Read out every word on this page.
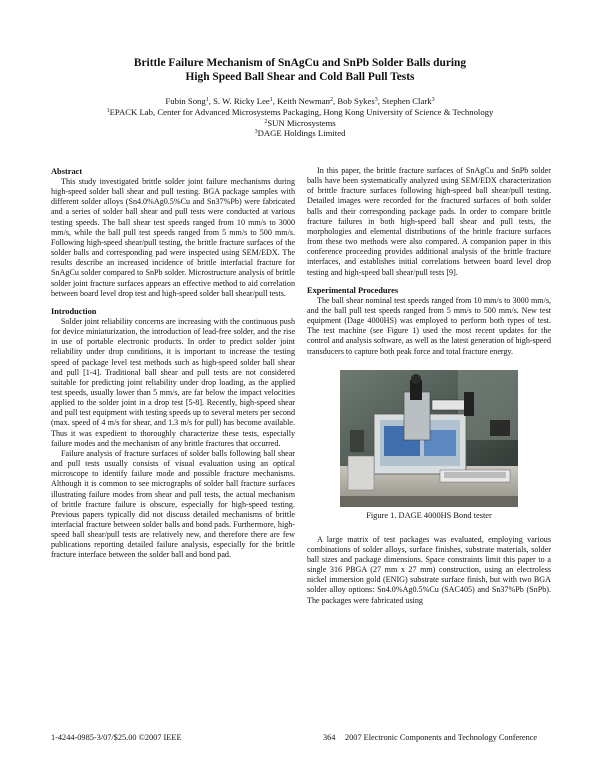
Brittle Failure Mechanism of SnAgCu and SnPb Solder Balls during
High Speed Ball Shear and Cold Ball Pull Tests
Fubin Song$^1$, S. W. Ricky Lee$^1$, Keith Newman$^2$, Bob Sykes$^3$, Stephen Clark$^3$
$^1$EPACK Lab, Center for Advanced Microsystems Packaging, Hong Kong University of Science & Technology
$^2$SUN Microsystems
$^3$DAGE Holdings Limited
Abstract

This study investigated brittle solder joint failure mechanisms during high-speed solder ball shear and pull testing. BGA package samples with different solder alloys (Sn4.0%Ag0.5%Cu and Sn37%Pb) were fabricated and a series of solder ball shear and pull tests were conducted at various testing speeds. The ball shear test speeds ranged from 10 mm/s to 3000 mm/s, while the ball pull test speeds ranged from 5 mm/s to 500 mm/s. Following high-speed shear/pull testing, the brittle fracture surfaces of the solder balls and corresponding pad were inspected using SEM/EDX. The results describe an increased incidence of brittle interfacial fracture for SnAgCu solder compared to SnPb solder. Microstructure analysis of brittle solder joint fracture surfaces appears an effective method to aid correlation between board level drop test and high-speed solder ball shear/pull tests.

Introduction

Solder joint reliability concerns are increasing with the continuous push for device miniaturization, the introduction of lead-free solder, and the rise in use of portable electronic products. In order to predict solder joint reliability under drop conditions, it is important to increase the testing speed of package level test methods such as high-speed solder ball shear and pull [1-4]. Traditional ball shear and pull tests are not considered suitable for predicting joint reliability under drop loading, as the applied test speeds, usually lower than 5 mm/s, are far below the impact velocities applied to the solder joint in a drop test [5-8]. Recently, high-speed shear and pull test equipment with testing speeds up to several meters per second (max. speed of 4 m/s for shear, and 1.3 m/s for pull) has become available. Thus it was expedient to thoroughly characterize these tests, especially failure modes and the mechanism of any brittle fractures that occurred.

Failure analysis of fracture surfaces of solder balls following ball shear and pull tests usually consists of visual evaluation using an optical microscope to identify failure mode and possible fracture mechanisms. Although it is common to see micrographs of solder ball fracture surfaces illustrating failure modes from shear and pull tests, the actual mechanism of brittle fracture failure is obscure, especially for high-speed testing. Previous papers typically did not discuss detailed mechanisms of brittle interfacial fracture between solder balls and bond pads. Furthermore, high-speed ball shear/pull tests are relatively new, and therefore there are few publications reporting detailed failure analysis, especially for the brittle fracture interface between the solder ball and bond pad.

In this paper, the brittle fracture surfaces of SnAgCu and SnPb solder balls have been systematically analyzed using SEM/EDX characterization of brittle fracture surfaces following high-speed ball shear/pull testing. Detailed images were recorded for the fractured surfaces of both solder balls and their corresponding package pads. In order to compare brittle fracture failures in both high-speed ball shear and pull tests, the morphologies and elemental distributions of the brittle fracture surfaces from these two methods were also compared. A companion paper in this conference proceeding provides additional analysis of the brittle fracture interfaces, and establishes initial correlations between board level drop testing and high-speed ball shear/pull tests [9].

Experimental Procedures

The ball shear nominal test speeds ranged from 10 mm/s to 3000 mm/s, and the ball pull test speeds ranged from 5 mm/s to 500 mm/s. New test equipment (Dage 4000HS) was employed to perform both types of test. The test machine (see Figure 1) used the most recent updates for the control and analysis software, as well as the latest generation of high-speed transducers to capture both peak force and total fracture energy.

Figure 1. DAGE 4000HS Bond tester

A large matrix of test packages was evaluated, employing various combinations of solder alloys, surface finishes, substrate materials, solder ball sizes and package dimensions. Space constraints limit this paper to a single 316 PBGA (27 mm x 27 mm) construction, using an electroless nickel immersion gold (ENIG) substrate surface finish, but with two BGA solder alloy options: Sn4.0%Ag0.5%Cu (SAC405) and Sn37%Pb (SnPb). The packages were fabricated using

1-4244-0985-3/07/$25.00 ©2007 IEEE	364 2007 Electronic Components and Technology Conference
